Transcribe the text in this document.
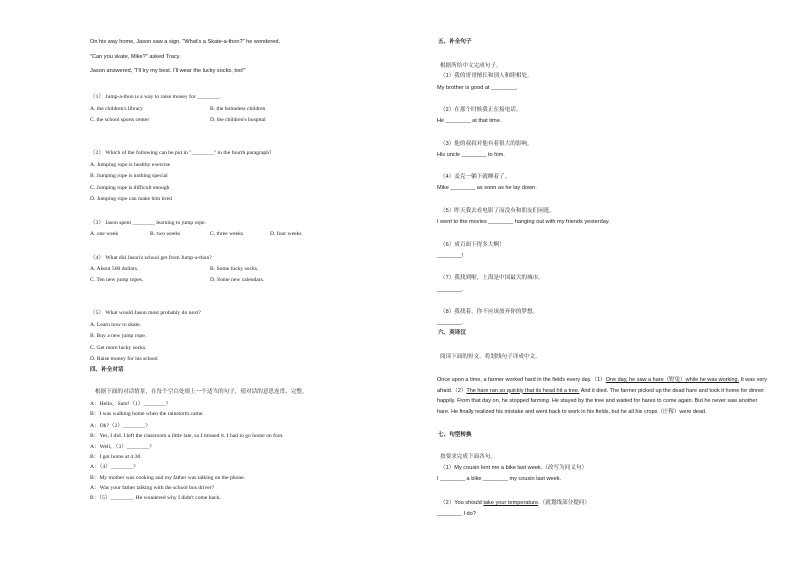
On his way home, Jason saw a sign. "What's a Skate-a-thon?" he wondered.
"Can you skate, Mike?" asked Tracy.
Jason answered, "I'll try my best. I'll wear the lucky socks, too!"
（1） Jump-a-thon is a way to raise money for ________.
A. the children's library	B. the homeless children
C. the school sports center	D. the children's hospital
（2） Which of the following can be put in "________" in the fourth paragraph?
A. Jumping rope is healthy exercise
B. Jumping rope is nothing special
C. Jumping rope is difficult enough
D. Jumping rope can make him tired
（3） Jason spent ________ learning to jump rope.
A. one week	B. two weeks	C. three weeks	D. four weeks
（4） What did Jason's school get from Jump-a-thon?
A. About 500 dollars.	B. Some lucky socks.
C. Ten new jump ropes.	D. Some new calendars.
（5） What would Jason most probably do next?
A. Learn how to skate.
B. Buy a new jump rope.
C. Get more lucky socks.
D. Raise money for his school
四、补全对话
根据下面的对话情景，在每个空白处填上一个适当的句子，使对话的意思连贯、完整。
A：Hello，Sam!（1）________?
B：I was walking home when the rainstorm came.
A：Oh?（2）________?
B：Yes, I did. I left the classroom a little late, so I missed it. I had to go home on foot.
A：Well，（3）________?
B：I got home at 4:30.
A：（4）________?
B：My mother was cooking and my father was talking on the phone.
A：Was your father talking with the school bus driver?
B：（5）________. He wondered why I didn't come back.
五、补全句子
根据所给中文完成句子。
（1）我的哥哥擅长和别人和睦相处。
My brother is good at ________.
（2）在那个时候我正在接电话。
He ________ at that time.
（3）他的叔叔对他有着很大的影响。
His uncle ________ to him.
（4）麦克一躺下就睡着了。
Mike ________ as soon as he lay down.
（5）昨天我去看电影了而没有和朋友们闲逛。
I went to the movies ________ hanging out with my friends yesterday.
（6）成百面下得多大啊！
________!
（7）我找到啦，上海是中国最大的城市。
________.
（8）我找着，你不应该放弃你的梦想。
________.
六、英译汉
阅读下面的短文，将划线句子译成中文。
Once upon a time, a farmer worked hard in the fields every day.（1）One day, he saw a hare（野兔）while he was working. It was very afraid.（2）The hare ran so quickly that its head hit a tree. And it died. The farmer picked up the dead hare and took it home for dinner happily. From that day on, he stopped farming. He stayed by the tree and waited for hares to come again. But he never saw another hare. He finally realized his mistake and went back to work in his fields, but he all his crops（庄稼）were dead.
七、句型转换
按要求完成下面各句。
（1）My cousin lent me a bike last week.（改写为同义句）
I ________ a bike ________ my cousin last week.
（2）You should take your temperature.（就划线部分提问）
________ I do?
